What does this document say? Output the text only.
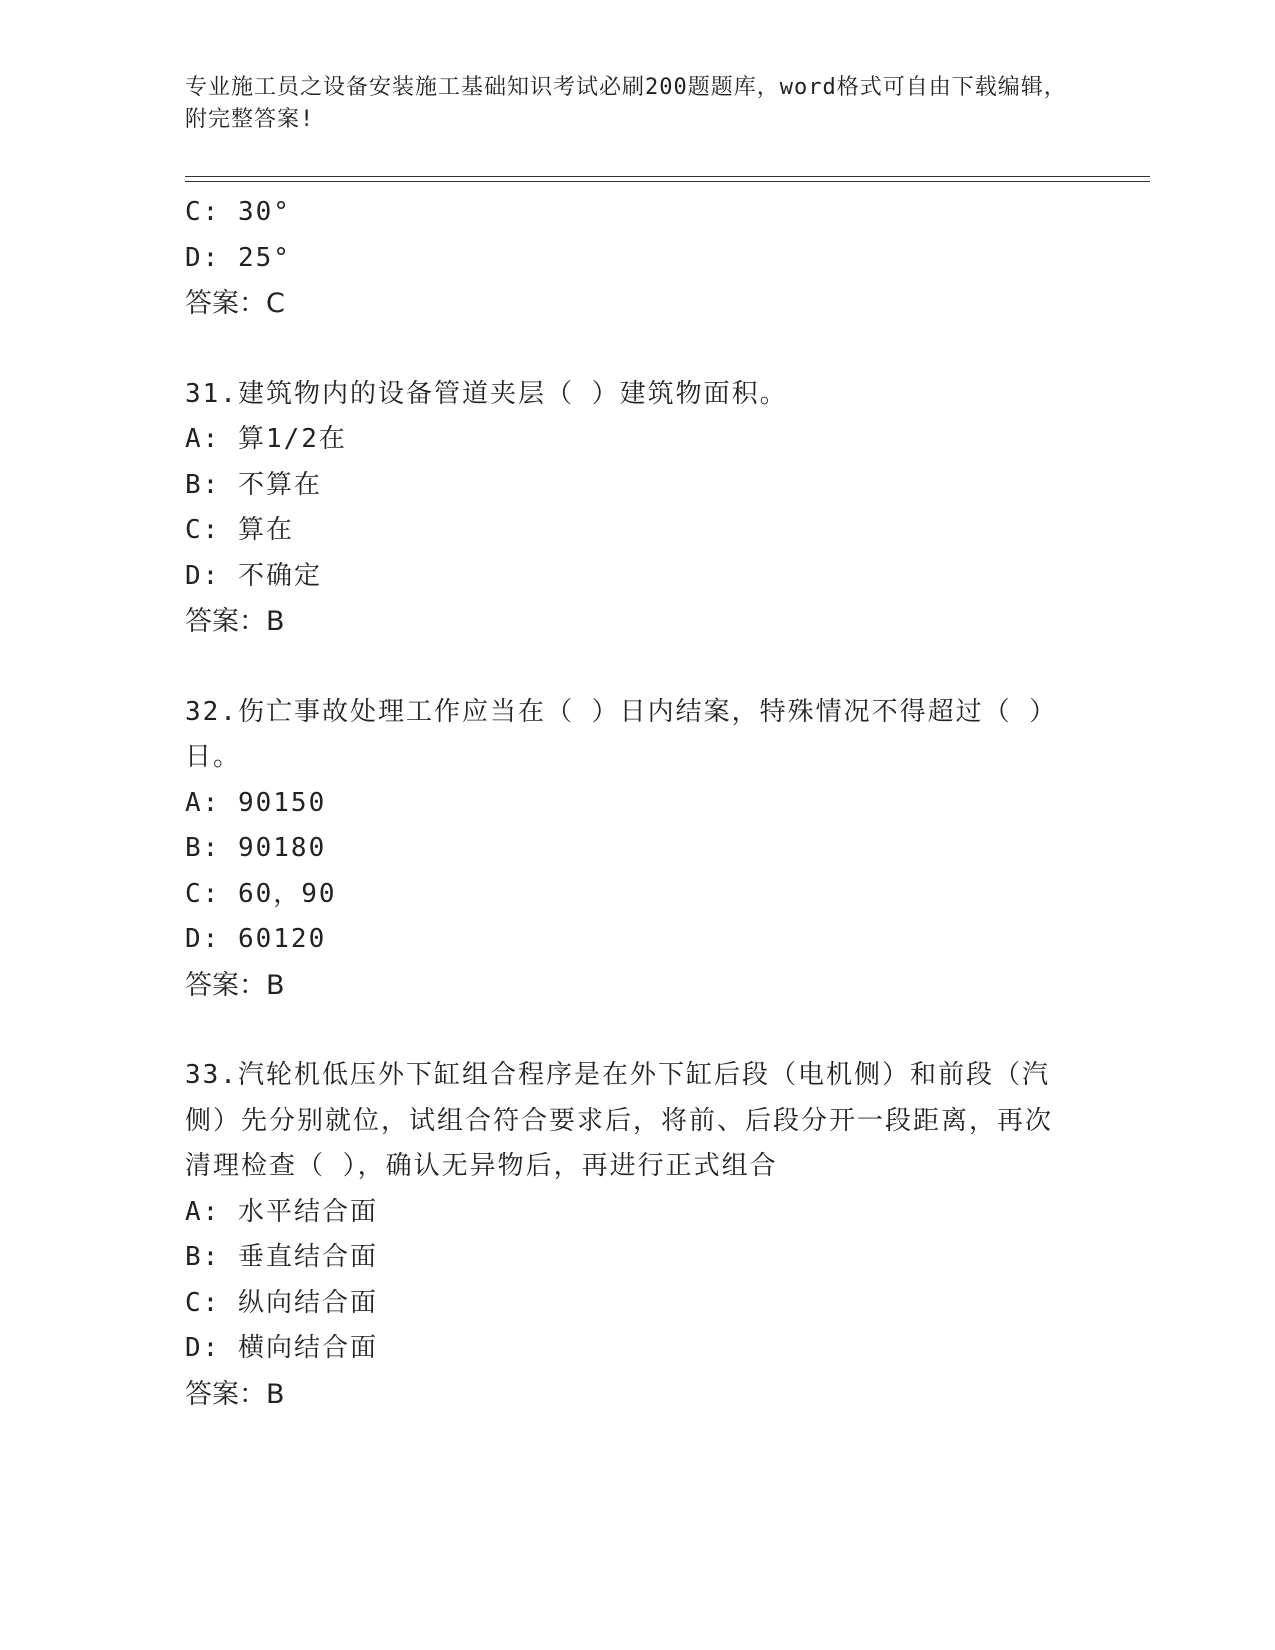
专业施工员之设备安装施工基础知识考试必刷200题题库，word格式可自由下载编辑，附完整答案!
C: 30°
D: 25°
答案：C
31.建筑物内的设备管道夹层（ ）建筑物面积。
A: 算1/2在
B: 不算在
C: 算在
D: 不确定
答案：B
32.伤亡事故处理工作应当在（ ）日内结案，特殊情况不得超过（ ）日。
A: 90150
B: 90180
C: 60，90
D: 60120
答案：B
33.汽轮机低压外下缸组合程序是在外下缸后段（电机侧）和前段（汽侧）先分别就位，试组合符合要求后，将前、后段分开一段距离，再次清理检查（ ），确认无异物后，再进行正式组合
A: 水平结合面
B: 垂直结合面
C: 纵向结合面
D: 横向结合面
答案：B
